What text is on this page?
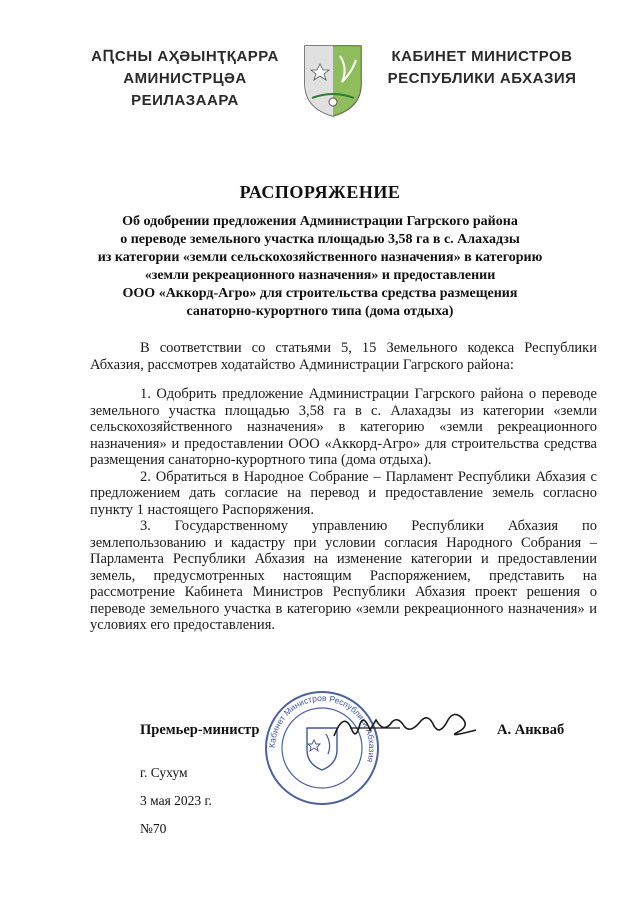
АԤСНЫ АҲӘЫНҬҚАРРА
АМИНИСТРЦӘА РЕИЛАЗААРА
КАБИНЕТ МИНИСТРОВ
РЕСПУБЛИКИ АБХАЗИЯ
РАСПОРЯЖЕНИЕ
Об одобрении предложения Администрации Гагрского района
о переводе земельного участка площадью 3,58 га в с. Алахадзы
из категории «земли сельскохозяйственного назначения» в категорию
«земли рекреационного назначения» и предоставлении
ООО «Аккорд-Агро» для строительства средства размещения
санаторно-курортного типа (дома отдыха)

В соответствии со статьями 5, 15 Земельного кодекса Республики Абхазия, рассмотрев ходатайство Администрации Гагрского района:

1. Одобрить предложение Администрации Гагрского района о переводе земельного участка площадью 3,58 га в с. Алахадзы из категории «земли сельскохозяйственного назначения» в категорию «земли рекреационного назначения» и предоставлении ООО «Аккорд-Агро» для строительства средства размещения санаторно-курортного типа (дома отдыха).

2. Обратиться в Народное Собрание – Парламент Республики Абхазия с предложением дать согласие на перевод и предоставление земель согласно пункту 1 настоящего Распоряжения.

3. Государственному управлению Республики Абхазия по землепользованию и кадастру при условии согласия Народного Собрания – Парламента Республики Абхазия на изменение категории и предоставлении земель, предусмотренных настоящим Распоряжением, представить на рассмотрение Кабинета Министров Республики Абхазия проект решения о переводе земельного участка в категорию «земли рекреационного назначения» и условиях его предоставления.

Кабинет Министров Республики Абхазия
Премьер-министр	А. Анкваб
г. Сухум
3 мая 2023 г.
№70
